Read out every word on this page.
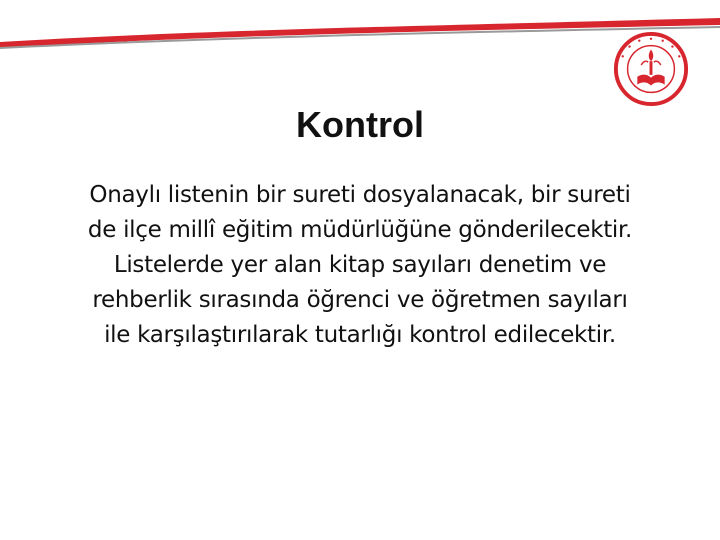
Kontrol
Onaylı listenin bir sureti dosyalanacak, bir sureti
de ilçe millî eğitim müdürlüğüne gönderilecektir.
Listelerde yer alan kitap sayıları denetim ve
rehberlik sırasında öğrenci ve öğretmen sayıları
ile karşılaştırılarak tutarlığı kontrol edilecektir.
